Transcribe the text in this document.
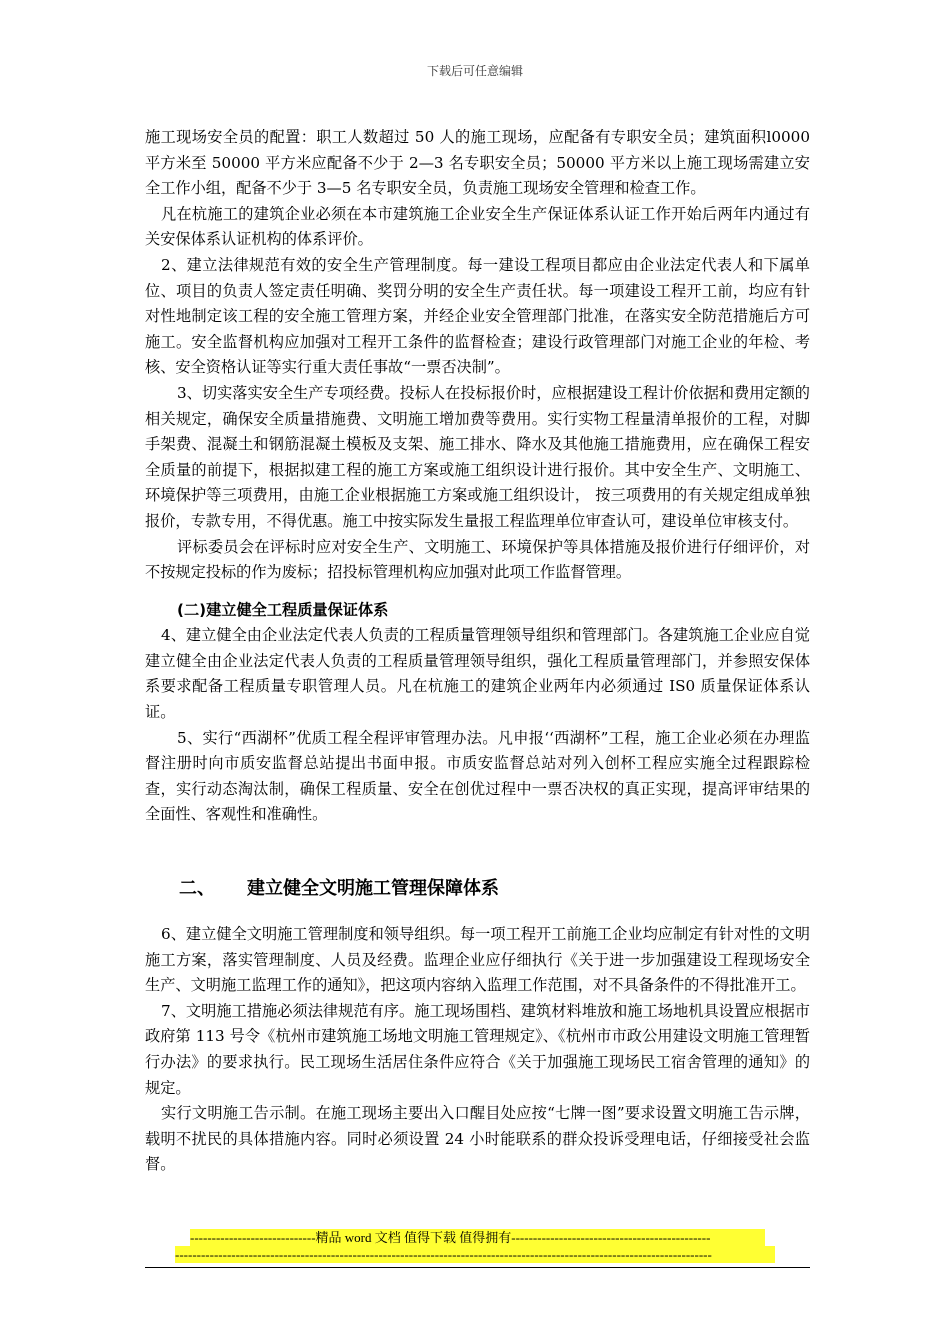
下载后可任意编辑

施工现场安全员的配置：职工人数超过 50 人的施工现场，应配备有专职安全员；建筑面积l0000 平方米至 50000 平方米应配备不少于 2—3 名专职安全员；50000 平方米以上施工现场需建立安全工作小组，配备不少于 3—5 名专职安全员，负责施工现场安全管理和检查工作。

凡在杭施工的建筑企业必须在本市建筑施工企业安全生产保证体系认证工作开始后两年内通过有关安保体系认证机构的体系评价。

2、建立法律规范有效的安全生产管理制度。每一建设工程项目都应由企业法定代表人和下属单位、项目的负责人签定责任明确、奖罚分明的安全生产责任状。每一项建设工程开工前，均应有针对性地制定该工程的安全施工管理方案，并经企业安全管理部门批准，在落实安全防范措施后方可施工。安全监督机构应加强对工程开工条件的监督检查；建设行政管理部门对施工企业的年检、考核、安全资格认证等实行重大责任事故“一票否决制”。

3、切实落实安全生产专项经费。投标人在投标报价时，应根据建设工程计价依据和费用定额的相关规定，确保安全质量措施费、文明施工增加费等费用。实行实物工程量清单报价的工程，对脚手架费、混凝土和钢筋混凝土模板及支架、施工排水、降水及其他施工措施费用，应在确保工程安全质量的前提下，根据拟建工程的施工方案或施工组织设计进行报价。其中安全生产、文明施工、环境保护等三项费用，由施工企业根据施工方案或施工组织设计， 按三项费用的有关规定组成单独报价，专款专用，不得优惠。施工中按实际发生量报工程监理单位审查认可，建设单位审核支付。

评标委员会在评标时应对安全生产、文明施工、环境保护等具体措施及报价进行仔细评价，对不按规定投标的作为废标；招投标管理机构应加强对此项工作监督管理。

(二)建立健全工程质量保证体系

4、建立健全由企业法定代表人负责的工程质量管理领导组织和管理部门。各建筑施工企业应自觉建立健全由企业法定代表人负责的工程质量管理领导组织，强化工程质量管理部门，并参照安保体系要求配备工程质量专职管理人员。凡在杭施工的建筑企业两年内必须通过 IS0 质量保证体系认证。

5、实行“西湖杯”优质工程全程评审管理办法。凡申报‘‘西湖杯”工程，施工企业必须在办理监督注册时向市质安监督总站提出书面申报。市质安监督总站对列入创杯工程应实施全过程跟踪检查，实行动态淘汰制，确保工程质量、安全在创优过程中一票否决权的真正实现，提高评审结果的全面性、客观性和准确性。

二、 建立健全文明施工管理保障体系

6、建立健全文明施工管理制度和领导组织。每一项工程开工前施工企业均应制定有针对性的文明施工方案，落实管理制度、人员及经费。监理企业应仔细执行《关于进一步加强建设工程现场安全生产、文明施工监理工作的通知》，把这项内容纳入监理工作范围，对不具备条件的不得批准开工。

7、文明施工措施必须法律规范有序。施工现场围档、建筑材料堆放和施工场地机具设置应根据市政府第 113 号令《杭州市建筑施工场地文明施工管理规定》、《杭州市市政公用建设文明施工管理暂行办法》的要求执行。民工现场生活居住条件应符合《关于加强施工现场民工宿舍管理的通知》的规定。

实行文明施工告示制。在施工现场主要出入口醒目处应按“七牌一图”要求设置文明施工告示牌，载明不扰民的具体措施内容。同时必须设置 24 小时能联系的群众投诉受理电话，仔细接受社会监督。

-----------------------------精品 word 文档 值得下载 值得拥有----------------------------------------------
----------------------------------------------------------------------------------------------------------------------------
